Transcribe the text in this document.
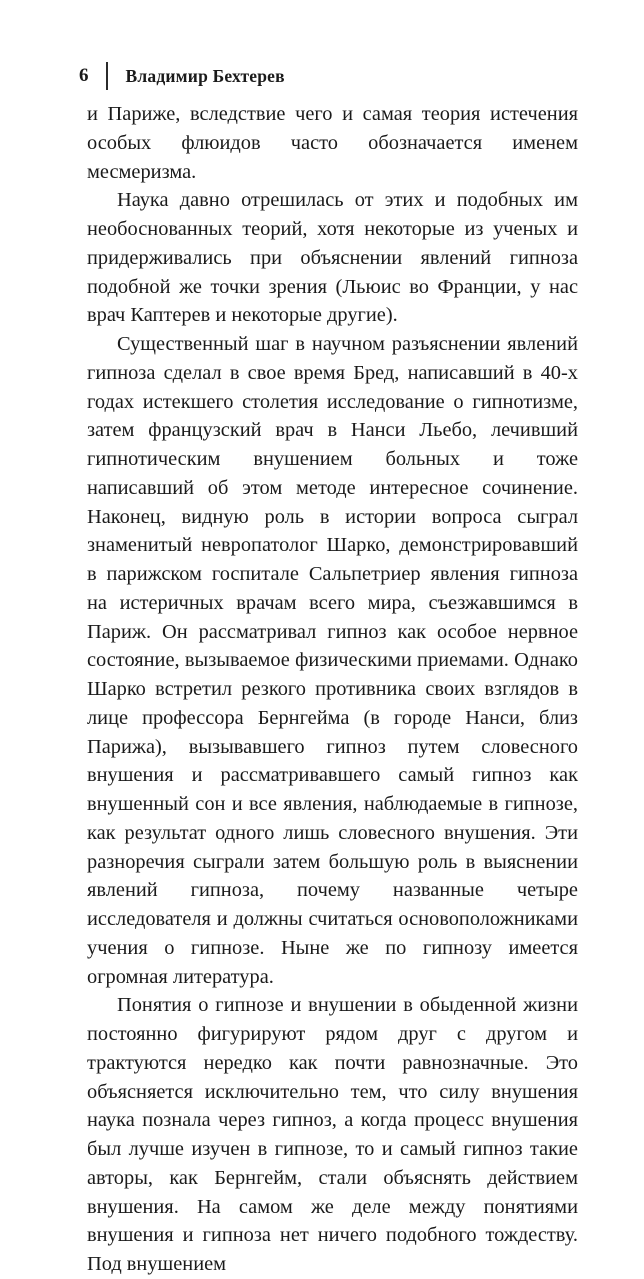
6 Владимир Бехтерев

и Париже, вследствие чего и самая теория истечения особых флюидов часто обозначается именем месмеризма.

Наука давно отрешилась от этих и подобных им необоснованных теорий, хотя некоторые из ученых и придерживались при объяснении явлений гипноза подобной же точки зрения (Льюис во Франции, у нас врач Каптерев и некоторые другие).

Существенный шаг в научном разъяснении явлений гипноза сделал в свое время Бред, написавший в 40-х годах истекшего столетия исследование о гипнотизме, затем французский врач в Нанси Льебо, лечивший гипнотическим внушением больных и тоже написавший об этом методе интересное сочинение. Наконец, видную роль в истории вопроса сыграл знаменитый невропатолог Шарко, демонстрировавший в парижском госпитале Сальпетриер явления гипноза на истеричных врачам всего мира, съезжавшимся в Париж. Он рассматривал гипноз как особое нервное состояние, вызываемое физическими приемами. Однако Шарко встретил резкого противника своих взглядов в лице профессора Бернгейма (в городе Нанси, близ Парижа), вызывавшего гипноз путем словесного внушения и рассматривавшего самый гипноз как внушенный сон и все явления, наблюдаемые в гипнозе, как результат одного лишь словесного внушения. Эти разноречия сыграли затем большую роль в выяснении явлений гипноза, почему названные четыре исследователя и должны считаться основоположниками учения о гипнозе. Ныне же по гипнозу имеется огромная литература.

Понятия о гипнозе и внушении в обыденной жизни постоянно фигурируют рядом друг с другом и трактуются нередко как почти равнозначные. Это объясняется исключительно тем, что силу внушения наука познала через гипноз, а когда процесс внушения был лучше изучен в гипнозе, то и самый гипноз такие авторы, как Бернгейм, стали объяснять действием внушения. На самом же деле между понятиями внушения и гипноза нет ничего подобного тождеству. Под внушением
